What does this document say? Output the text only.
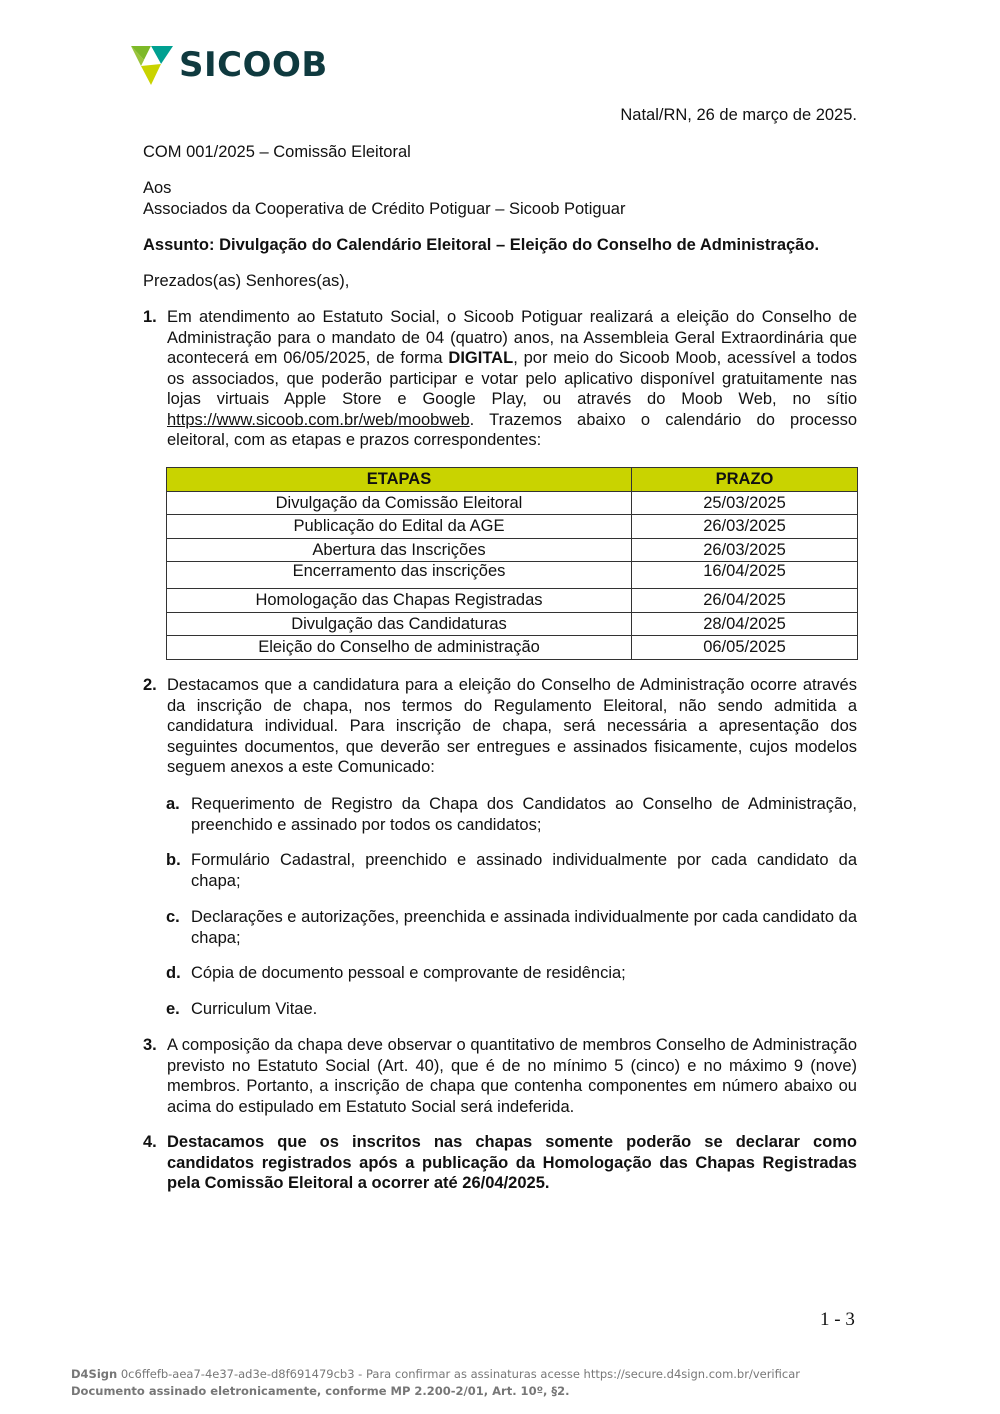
SICOOB
Natal/RN, 26 de março de 2025.
COM 001/2025 – Comissão Eleitoral
Aos
Associados da Cooperativa de Crédito Potiguar – Sicoob Potiguar
Assunto: Divulgação do Calendário Eleitoral – Eleição do Conselho de Administração.
Prezados(as) Senhores(as),
1. Em atendimento ao Estatuto Social, o Sicoob Potiguar realizará a eleição do Conselho de Administração para o mandato de 04 (quatro) anos, na Assembleia Geral Extraordinária que acontecerá em 06/05/2025, de forma DIGITAL, por meio do Sicoob Moob, acessível a todos os associados, que poderão participar e votar pelo aplicativo disponível gratuitamente nas lojas virtuais Apple Store e Google Play, ou através do Moob Web, no sítio https://www.sicoob.com.br/web/moobweb. Trazemos abaixo o calendário do processo eleitoral, com as etapas e prazos correspondentes:
ETAPAS	PRAZO
Divulgação da Comissão Eleitoral	25/03/2025
Publicação do Edital da AGE	26/03/2025
Abertura das Inscrições	26/03/2025
Encerramento das inscrições	16/04/2025
Homologação das Chapas Registradas	26/04/2025
Divulgação das Candidaturas	28/04/2025
Eleição do Conselho de administração	06/05/2025
2. Destacamos que a candidatura para a eleição do Conselho de Administração ocorre através da inscrição de chapa, nos termos do Regulamento Eleitoral, não sendo admitida a candidatura individual. Para inscrição de chapa, será necessária a apresentação dos seguintes documentos, que deverão ser entregues e assinados fisicamente, cujos modelos seguem anexos a este Comunicado:
a. Requerimento de Registro da Chapa dos Candidatos ao Conselho de Administração, preenchido e assinado por todos os candidatos;
b. Formulário Cadastral, preenchido e assinado individualmente por cada candidato da chapa;
c. Declarações e autorizações, preenchida e assinada individualmente por cada candidato da chapa;
d. Cópia de documento pessoal e comprovante de residência;
e. Curriculum Vitae.
3. A composição da chapa deve observar o quantitativo de membros Conselho de Administração previsto no Estatuto Social (Art. 40), que é de no mínimo 5 (cinco) e no máximo 9 (nove) membros. Portanto, a inscrição de chapa que contenha componentes em número abaixo ou acima do estipulado em Estatuto Social será indeferida.
4. Destacamos que os inscritos nas chapas somente poderão se declarar como candidatos registrados após a publicação da Homologação das Chapas Registradas pela Comissão Eleitoral a ocorrer até 26/04/2025.
1 - 3
D4Sign 0c6ffefb-aea7-4e37-ad3e-d8f691479cb3 - Para confirmar as assinaturas acesse https://secure.d4sign.com.br/verificar
Documento assinado eletronicamente, conforme MP 2.200-2/01, Art. 10º, §2.
